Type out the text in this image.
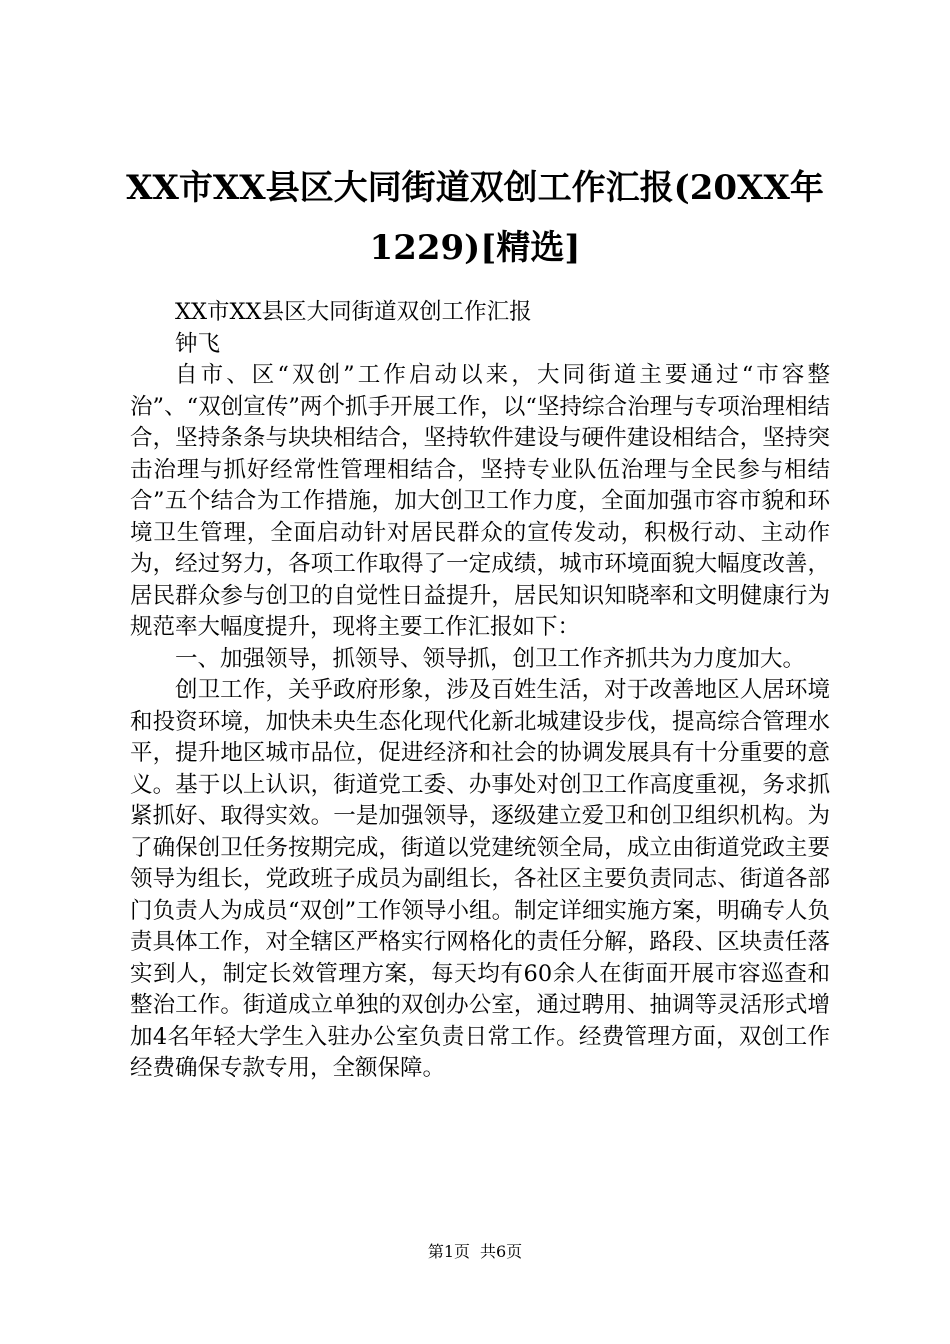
XX市XX县区大同街道双创工作汇报(20XX年
1229)[精选]

XX市XX县区大同街道双创工作汇报

钟飞

自市、区“双创”工作启动以来，大同街道主要通过“市容整治”、“双创宣传”两个抓手开展工作，以“坚持综合治理与专项治理相结合，坚持条条与块块相结合，坚持软件建设与硬件建设相结合，坚持突击治理与抓好经常性管理相结合，坚持专业队伍治理与全民参与相结合”五个结合为工作措施，加大创卫工作力度，全面加强市容市貌和环境卫生管理，全面启动针对居民群众的宣传发动，积极行动、主动作为，经过努力，各项工作取得了一定成绩，城市环境面貌大幅度改善，居民群众参与创卫的自觉性日益提升，居民知识知晓率和文明健康行为规范率大幅度提升，现将主要工作汇报如下：

一、加强领导，抓领导、领导抓，创卫工作齐抓共为力度加大。

创卫工作，关乎政府形象，涉及百姓生活，对于改善地区人居环境和投资环境，加快未央生态化现代化新北城建设步伐，提高综合管理水平，提升地区城市品位，促进经济和社会的协调发展具有十分重要的意义。基于以上认识，街道党工委、办事处对创卫工作高度重视，务求抓紧抓好、取得实效。一是加强领导，逐级建立爱卫和创卫组织机构。为了确保创卫任务按期完成，街道以党建统领全局，成立由街道党政主要领导为组长，党政班子成员为副组长，各社区主要负责同志、街道各部门负责人为成员“双创”工作领导小组。制定详细实施方案，明确专人负责具体工作，对全辖区严格实行网格化的责任分解，路段、区块责任落实到人，制定长效管理方案，每天均有60余人在街面开展市容巡查和整治工作。街道成立单独的双创办公室，通过聘用、抽调等灵活形式增加4名年轻大学生入驻办公室负责日常工作。经费管理方面，双创工作经费确保专款专用，全额保障。

第1页 共6页
